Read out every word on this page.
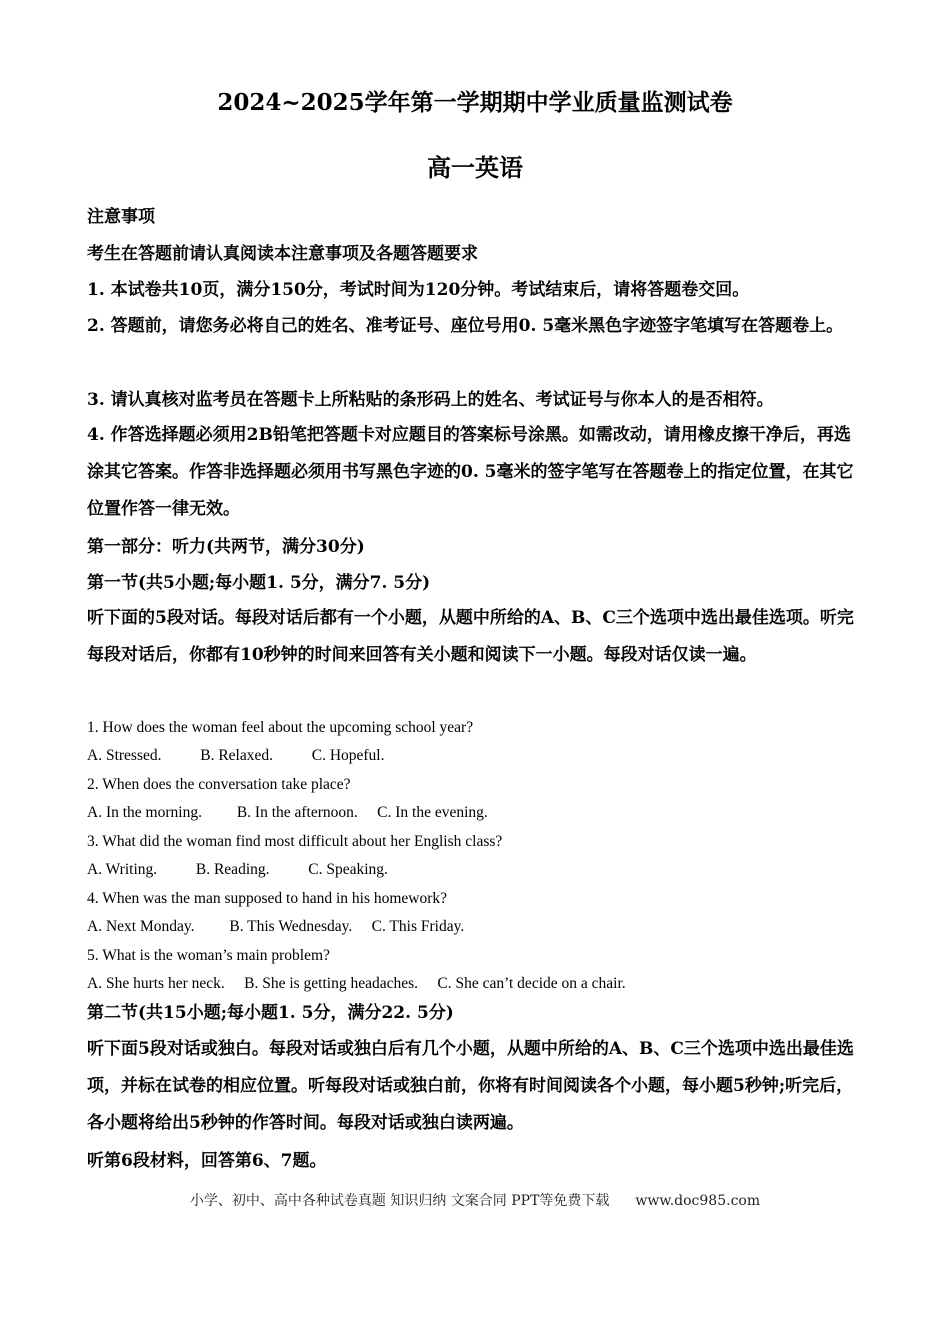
2024~2025学年第一学期期中学业质量监测试卷
高一英语
注意事项
考生在答题前请认真阅读本注意事项及各题答题要求
1. 本试卷共10页，满分150分，考试时间为120分钟。考试结束后，请将答题卷交回。
2. 答题前，请您务必将自己的姓名、准考证号、座位号用0. 5毫米黑色字迹签字笔填写在答题卷上。
3. 请认真核对监考员在答题卡上所粘贴的条形码上的姓名、考试证号与你本人的是否相符。
4. 作答选择题必须用2B铅笔把答题卡对应题目的答案标号涂黑。如需改动，请用橡皮擦干净后，再选涂其它答案。作答非选择题必须用书写黑色字迹的0. 5毫米的签字笔写在答题卷上的指定位置，在其它位置作答一律无效。
第一部分：听力(共两节，满分30分)
第一节(共5小题;每小题1. 5分，满分7. 5分)
听下面的5段对话。每段对话后都有一个小题，从题中所给的A、B、C三个选项中选出最佳选项。听完每段对话后，你都有10秒钟的时间来回答有关小题和阅读下一小题。每段对话仅读一遍。
1. How does the woman feel about the upcoming school year?
A. Stressed.          B. Relaxed.          C. Hopeful.
2. When does the conversation take place?
A. In the morning.         B. In the afternoon.     C. In the evening.
3. What did the woman find most difficult about her English class?
A. Writing.          B. Reading.          C. Speaking.
4. When was the man supposed to hand in his homework?
A. Next Monday.         B. This Wednesday.     C. This Friday.
5. What is the woman’s main problem?
A. She hurts her neck.     B. She is getting headaches.     C. She can’t decide on a chair.
第二节(共15小题;每小题1. 5分，满分22. 5分)
听下面5段对话或独白。每段对话或独白后有几个小题，从题中所给的A、B、C三个选项中选出最佳选项，并标在试卷的相应位置。听每段对话或独白前，你将有时间阅读各个小题，每小题5秒钟;听完后，各小题将给出5秒钟的作答时间。每段对话或独白读两遍。
听第6段材料，回答第6、7题。
小学、初中、高中各种试卷真题 知识归纳 文案合同 PPT等免费下载 www.doc985.com
